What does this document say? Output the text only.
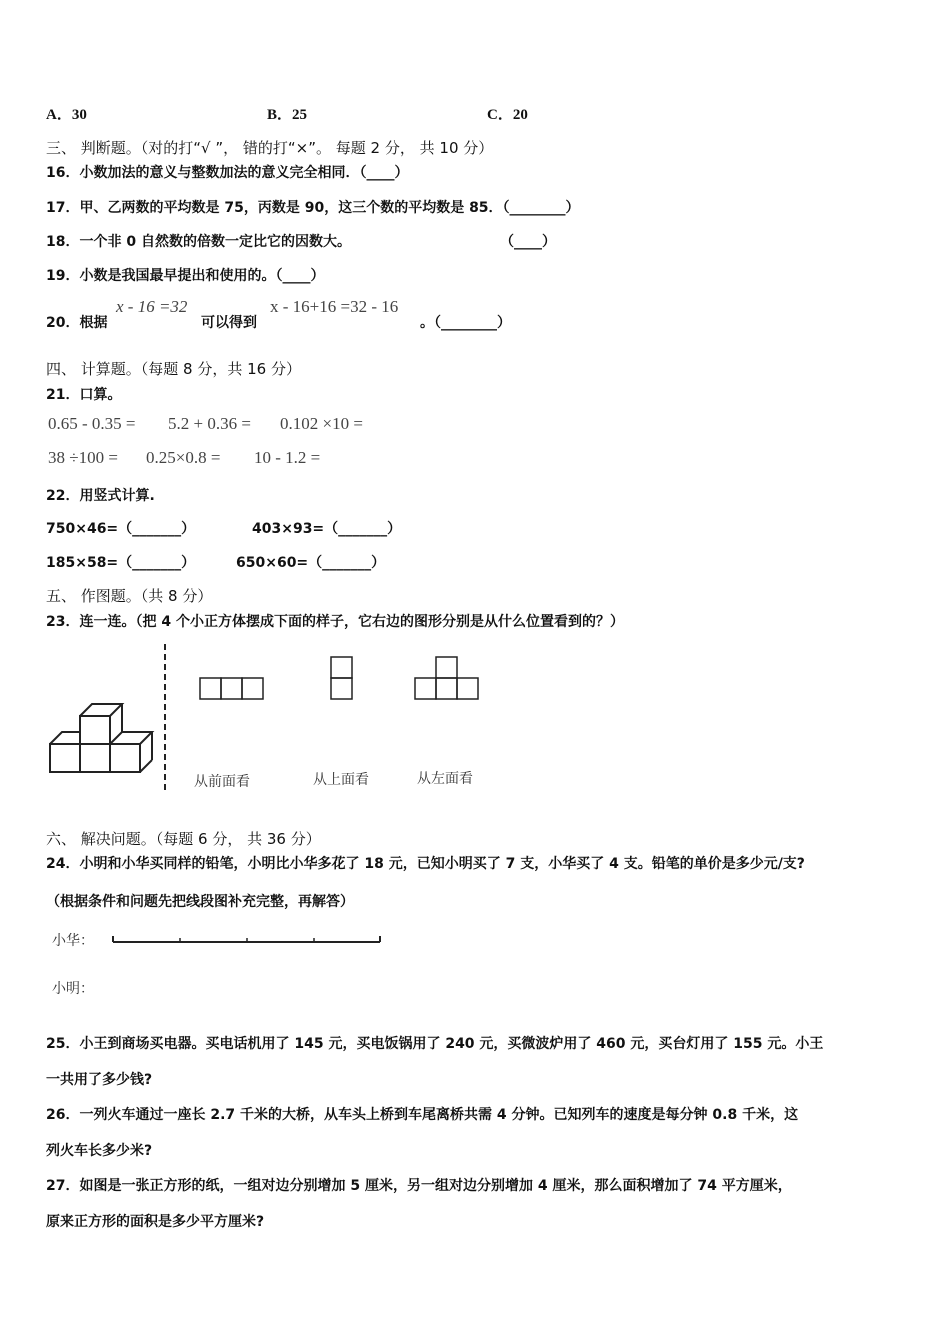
A．30	B．25	C．20
三、 判断题。（对的打“√ ”， 错的打“×”。 每题 2 分， 共 10 分）
16．小数加法的意义与整数加法的意义完全相同．（____）
17．甲、乙两数的平均数是 75，丙数是 90，这三个数的平均数是 85．（________）
18．一个非 0 自然数的倍数一定比它的因数大。	（____）
19．小数是我国最早提出和使用的。（____）
20．根据
x - 16 =32
可以得到
x - 16+16 =32 - 16
。（________）
四、 计算题。（每题 8 分，共 16 分）
21．口算。
0.65 - 0.35 = 5.2 + 0.36 = 0.102 ×10 =
38 ÷100 = 0.25×0.8 = 10 - 1.2 =
22．用竖式计算.
750×46=（_______）	403×93=（_______）
185×58=（_______）	650×60=（_______）
五、 作图题。（共 8 分）
23．连一连。（把 4 个小正方体摆成下面的样子，它右边的图形分别是从什么位置看到的？）
从前面看	从上面看	从左面看
六、 解决问题。（每题 6 分， 共 36 分）
24．小明和小华买同样的铅笔，小明比小华多花了 18 元，已知小明买了 7 支，小华买了 4 支。铅笔的单价是多少元/支?
（根据条件和问题先把线段图补充完整，再解答）
小华：
小明：
25．小王到商场买电器。买电话机用了 145 元，买电饭锅用了 240 元，买微波炉用了 460 元，买台灯用了 155 元。小王
一共用了多少钱?
26．一列火车通过一座长 2.7 千米的大桥，从车头上桥到车尾离桥共需 4 分钟。已知列车的速度是每分钟 0.8 千米，这
列火车长多少米?
27．如图是一张正方形的纸，一组对边分别增加 5 厘米，另一组对边分别增加 4 厘米，那么面积增加了 74 平方厘米，
原来正方形的面积是多少平方厘米?
